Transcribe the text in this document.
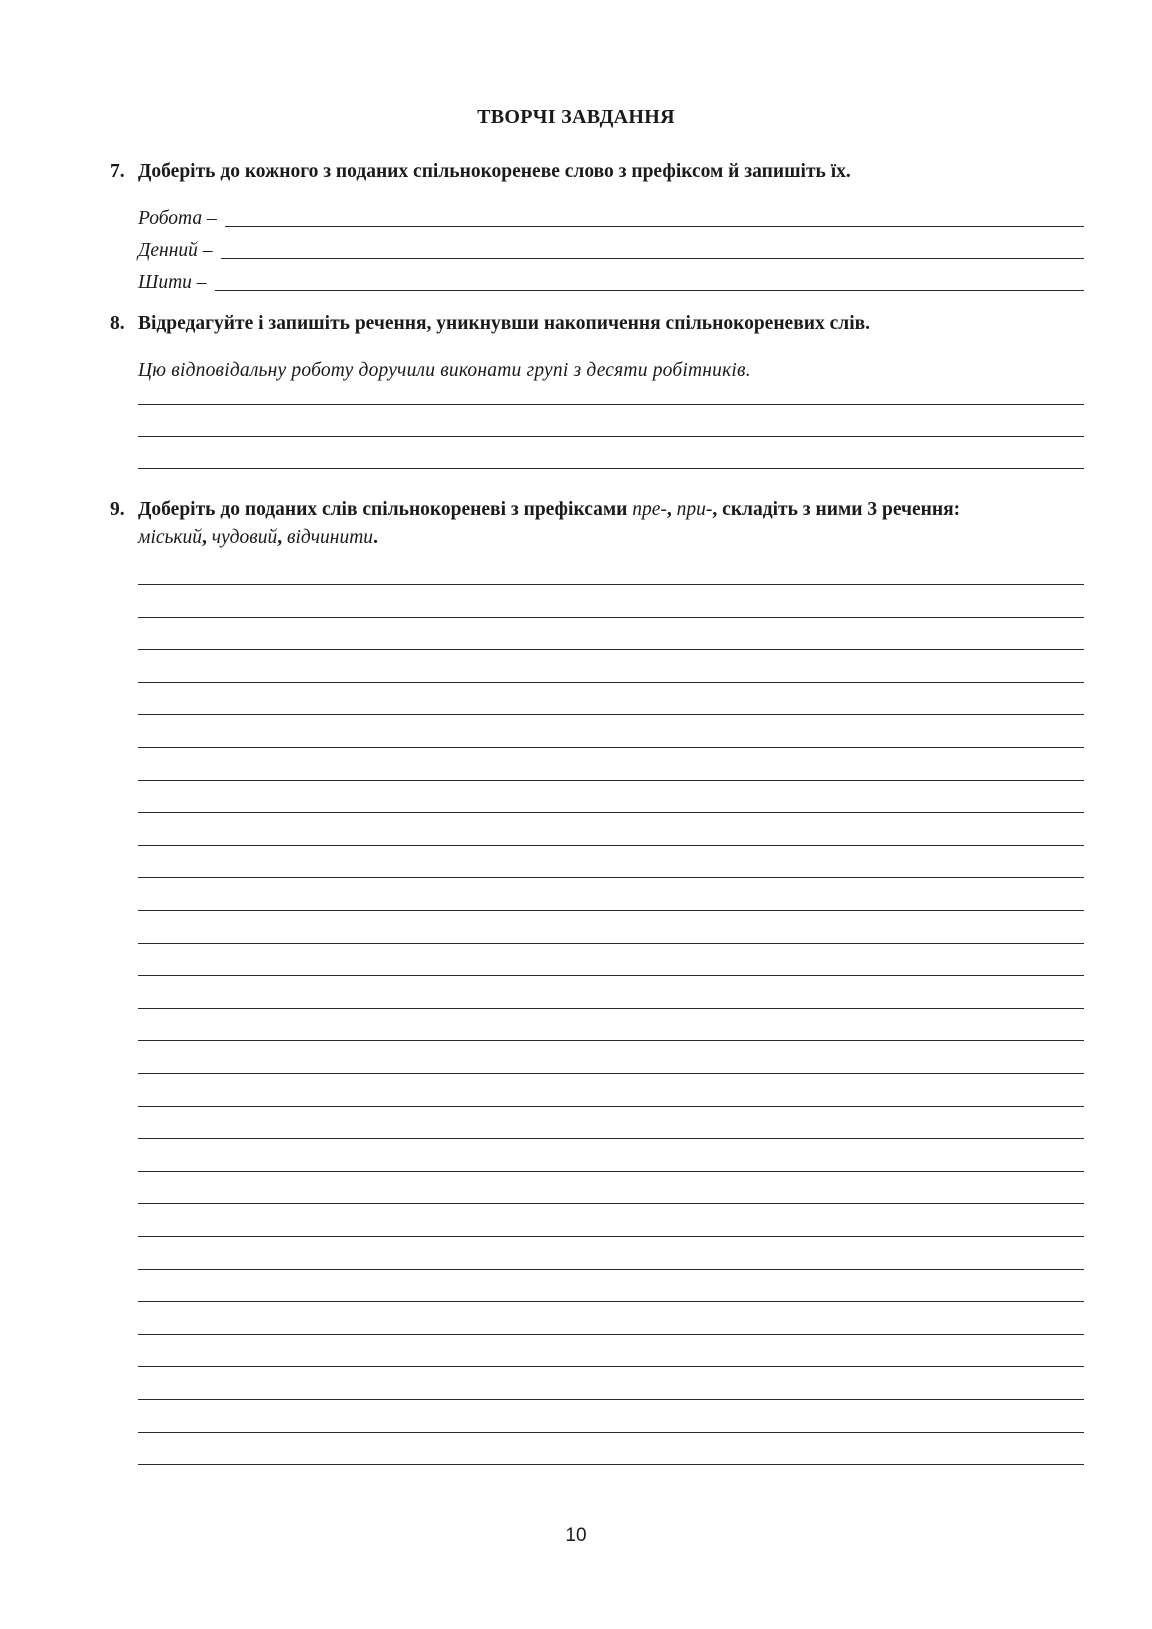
ТВОРЧІ ЗАВДАННЯ
7. Доберіть до кожного з поданих спільнокореневе слово з префіксом й запишіть їх.
Робота –
Денний –
Шити –
8. Відредагуйте і запишіть речення, уникнувши накопичення спільнокореневих слів.
Цю відповідальну роботу доручили виконати групі з десяти робітників.
9. Доберіть до поданих слів спільнокореневі з префіксами пре-, при-, складіть з ними 3 речення:
міський, чудовий, відчинити.
10
